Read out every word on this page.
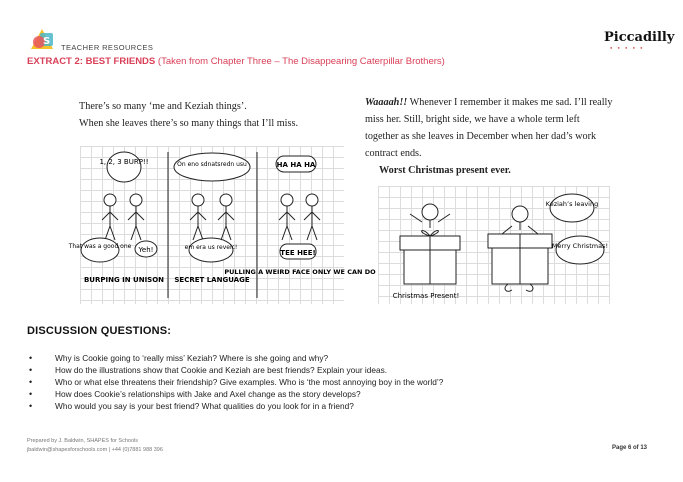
S
TEACHER RESOURCES
Piccadilly
● ● ● ● ●
EXTRACT 2: BEST FRIENDS (Taken from Chapter Three – The Disappearing Caterpillar Brothers)
There’s so many ‘me and Keziah things’.
When she leaves there’s so many things that I’ll miss.
Waaaah!! Whenever I remember it makes me sad. I’ll really miss her. Still, bright side, we have a whole term left together as she leaves in December when her dad’s work contract ends.
Worst Christmas present ever.
1, 2, 3 BURP!!
That was a good one Yeh!
BURPING IN UNISON
On eno sdnatsredn usu
em era us revelc!
SECRET LANGUAGE
HA HA HA
TEE HEE!
PULLING A WEIRD FACE ONLY WE CAN DO
Christmas Present!
Keziah’s leaving
Merry Christmas!
DISCUSSION QUESTIONS:
• Why is Cookie going to ‘really miss’ Keziah? Where is she going and why?
• How do the illustrations show that Cookie and Keziah are best friends? Explain your ideas.
• Who or what else threatens their friendship? Give examples. Who is ‘the most annoying boy in the world’?
• How does Cookie’s relationships with Jake and Axel change as the story develops?
• Who would you say is your best friend? What qualities do you look for in a friend?
Prepared by J. Baldwin, SHAPES for Schools
jbaldwin@shapesforschools.com | +44 (0)7881 988 396	Page 6 of 13
